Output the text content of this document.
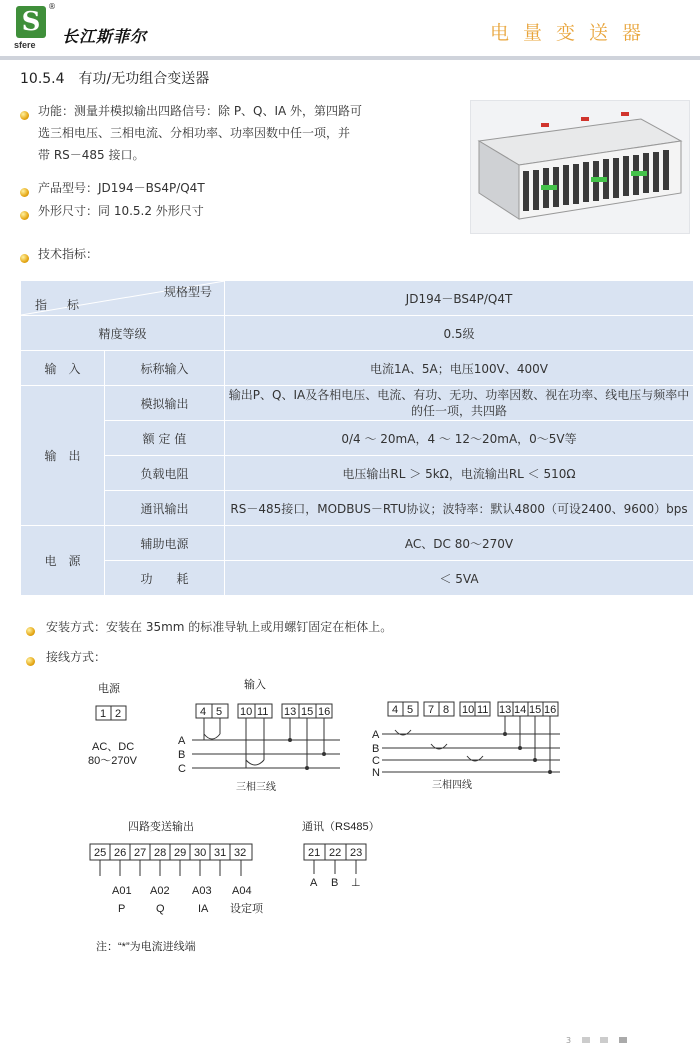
S
®
sfere 长江斯菲尔	电量变送器
10.5.4　有功/无功组合变送器
功能：测量并模拟输出四路信号：除 P、Q、IA 外，第四路可
选三相电压、三相电流、分相功率、功率因数中任一项，并
带 RS－485 接口。
产品型号：JD194－BS4P/Q4T
外形尺寸：同 10.5.2 外形尺寸
技术指标：
规格型号
指　标		JD194－BS4P/Q4T
精度等级		0.5级
输　入	标称输入	电流1A、5A；电压100V、400V
输　出	模拟输出	输出P、Q、IA及各相电压、电流、有功、无功、功率因数、视在功率、线电压与频率中的任一项，共四路
	额 定 值	0/4 ～ 20mA，4 ～ 12～20mA，0～5V等
	负载电阻	电压输出RL ＞ 5kΩ，电流输出RL ＜ 510Ω
	通讯输出	RS－485接口，MODBUS－RTU协议；波特率：默认4800（可设2400、9600）bps
电　源	辅助电源	AC、DC 80～270V
	功　　耗	＜ 5VA
安装方式：安装在 35mm 的标准导轨上或用螺钉固定在柜体上。
接线方式：
电源
1 2
AC、DC
80～270V
输入
4 5 10 11 13 15 16
A
B
C
三相三线
4 5 7 8 10 11 13 14 15 16
A
B
C
N
三相四线
四路变送输出
25 26 27 28 29 30 31 32
A01 A02 A03 A04
P	Q	IA 设定项
通讯（RS485）
21 22 23
A B ⊥
注：“*”为电流进线端
3
